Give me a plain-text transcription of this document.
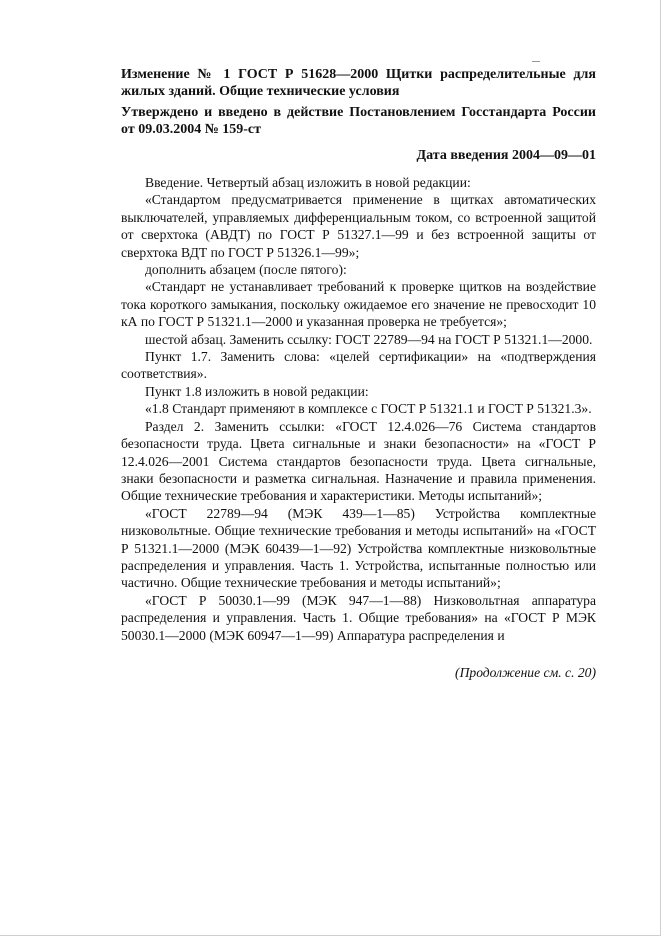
Изменение № 1 ГОСТ Р 51628—2000 Щитки распределительные для жилых зданий. Общие технические условия

Утверждено и введено в действие Постановлением Госстандарта России от 09.03.2004 № 159-ст

Дата введения 2004—09—01

Введение. Четвертый абзац изложить в новой редакции:

«Стандартом предусматривается применение в щитках автоматических выключателей, управляемых дифференциальным током, со встроенной защитой от сверхтока (АВДТ) по ГОСТ Р 51327.1—99 и без встроенной защиты от сверхтока ВДТ по ГОСТ Р 51326.1—99»;

дополнить абзацем (после пятого):

«Стандарт не устанавливает требований к проверке щитков на воздействие тока короткого замыкания, поскольку ожидаемое его значение не превосходит 10 кА по ГОСТ Р 51321.1—2000 и указанная проверка не требуется»;

шестой абзац. Заменить ссылку: ГОСТ 22789—94 на ГОСТ Р 51321.1—2000.

Пункт 1.7. Заменить слова: «целей сертификации» на «подтверждения соответствия».

Пункт 1.8 изложить в новой редакции:

«1.8 Стандарт применяют в комплексе с ГОСТ Р 51321.1 и ГОСТ Р 51321.3».

Раздел 2. Заменить ссылки: «ГОСТ 12.4.026—76 Система стандартов безопасности труда. Цвета сигнальные и знаки безопасности» на «ГОСТ Р 12.4.026—2001 Система стандартов безопасности труда. Цвета сигнальные, знаки безопасности и разметка сигнальная. Назначение и правила применения. Общие технические требования и характеристики. Методы испытаний»;

«ГОСТ 22789—94 (МЭК 439—1—85) Устройства комплектные низковольтные. Общие технические требования и методы испытаний» на «ГОСТ Р 51321.1—2000 (МЭК 60439—1—92) Устройства комплектные низковольтные распределения и управления. Часть 1. Устройства, испытанные полностью или частично. Общие технические требования и методы испытаний»;

«ГОСТ Р 50030.1—99 (МЭК 947—1—88) Низковольтная аппаратура распределения и управления. Часть 1. Общие требования» на «ГОСТ Р МЭК 50030.1—2000 (МЭК 60947—1—99) Аппаратура распределения и

(Продолжение см. с. 20)
